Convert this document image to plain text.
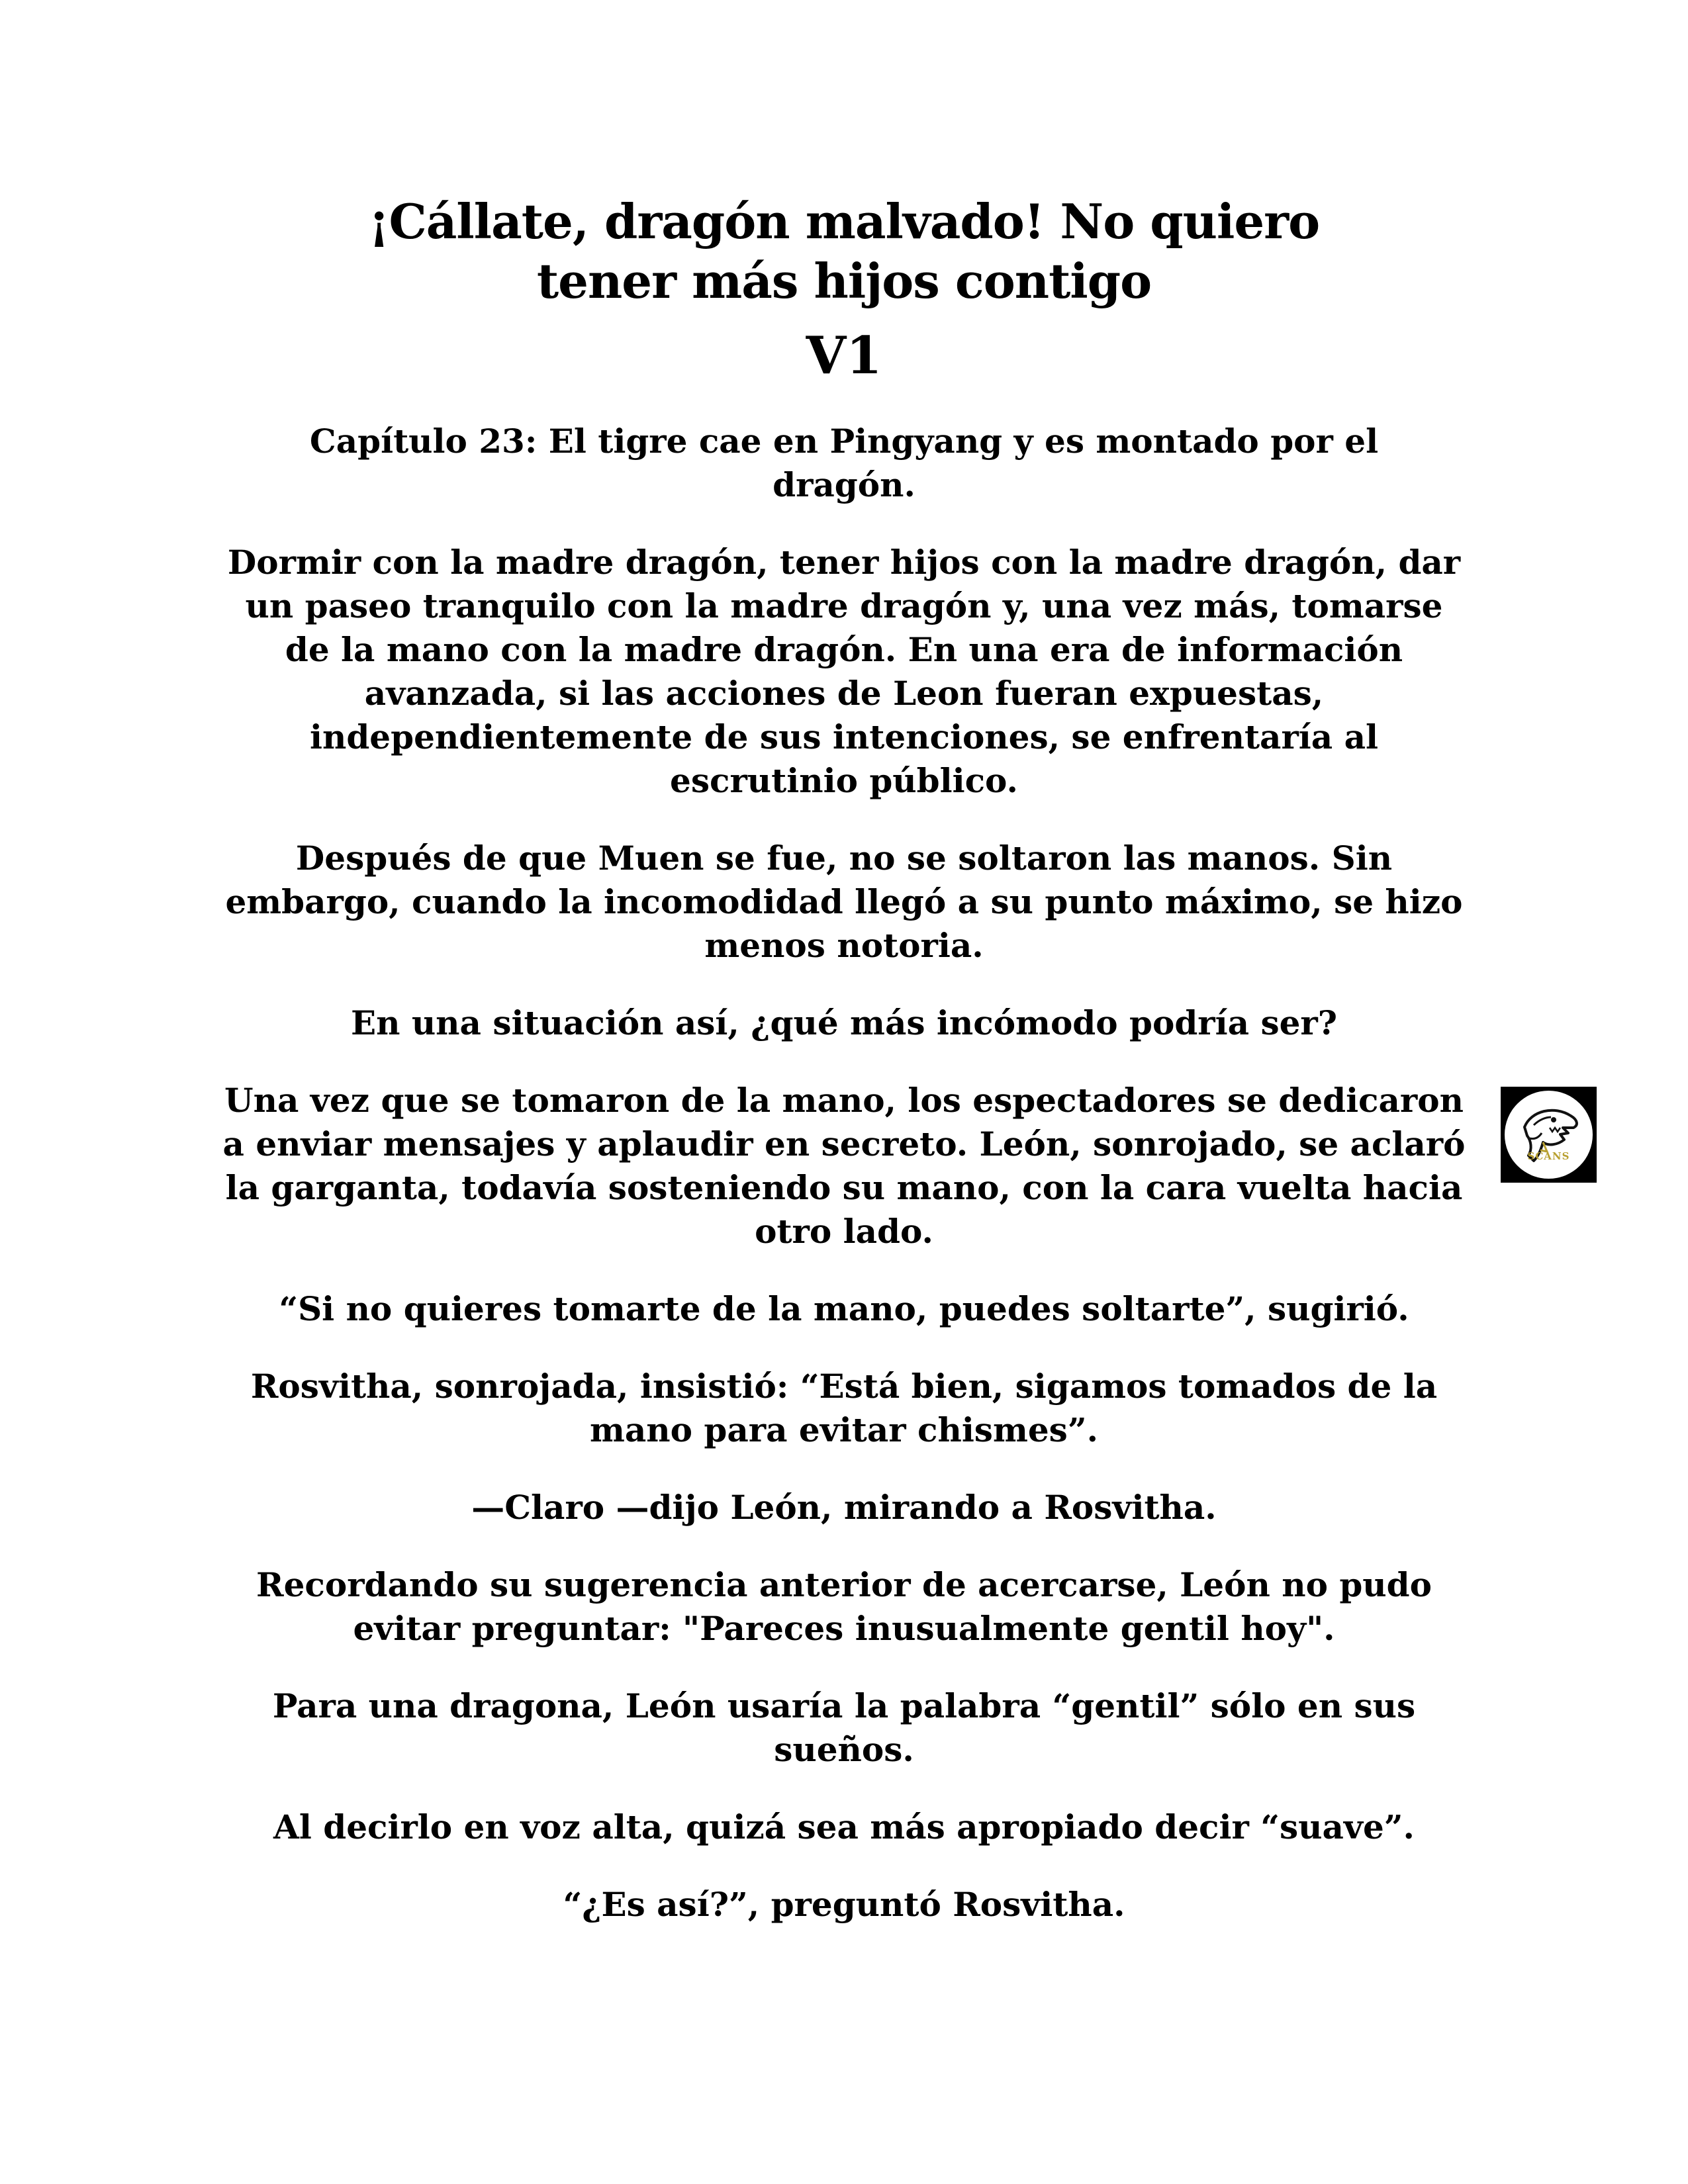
¡Cállate, dragón malvado! No quiero tener más hijos contigo
V1
Capítulo 23: El tigre cae en Pingyang y es montado por el dragón.

Dormir con la madre dragón, tener hijos con la madre dragón, dar un paseo tranquilo con la madre dragón y, una vez más, tomarse de la mano con la madre dragón. En una era de información avanzada, si las acciones de Leon fueran expuestas, independientemente de sus intenciones, se enfrentaría al escrutinio público.

Después de que Muen se fue, no se soltaron las manos. Sin embargo, cuando la incomodidad llegó a su punto máximo, se hizo menos notoria.

En una situación así, ¿qué más incómodo podría ser?

Una vez que se tomaron de la mano, los espectadores se dedicaron a enviar mensajes y aplaudir en secreto. León, sonrojado, se aclaró la garganta, todavía sosteniendo su mano, con la cara vuelta hacia otro lado.

“Si no quieres tomarte de la mano, puedes soltarte”, sugirió.

Rosvitha, sonrojada, insistió: “Está bien, sigamos tomados de la mano para evitar chismes”.

—Claro —dijo León, mirando a Rosvitha.

Recordando su sugerencia anterior de acercarse, León no pudo evitar preguntar: "Pareces inusualmente gentil hoy".

Para una dragona, León usaría la palabra “gentil” sólo en sus sueños.

Al decirlo en voz alta, quizá sea más apropiado decir “suave”.

“¿Es así?”, preguntó Rosvitha.

SCANS
